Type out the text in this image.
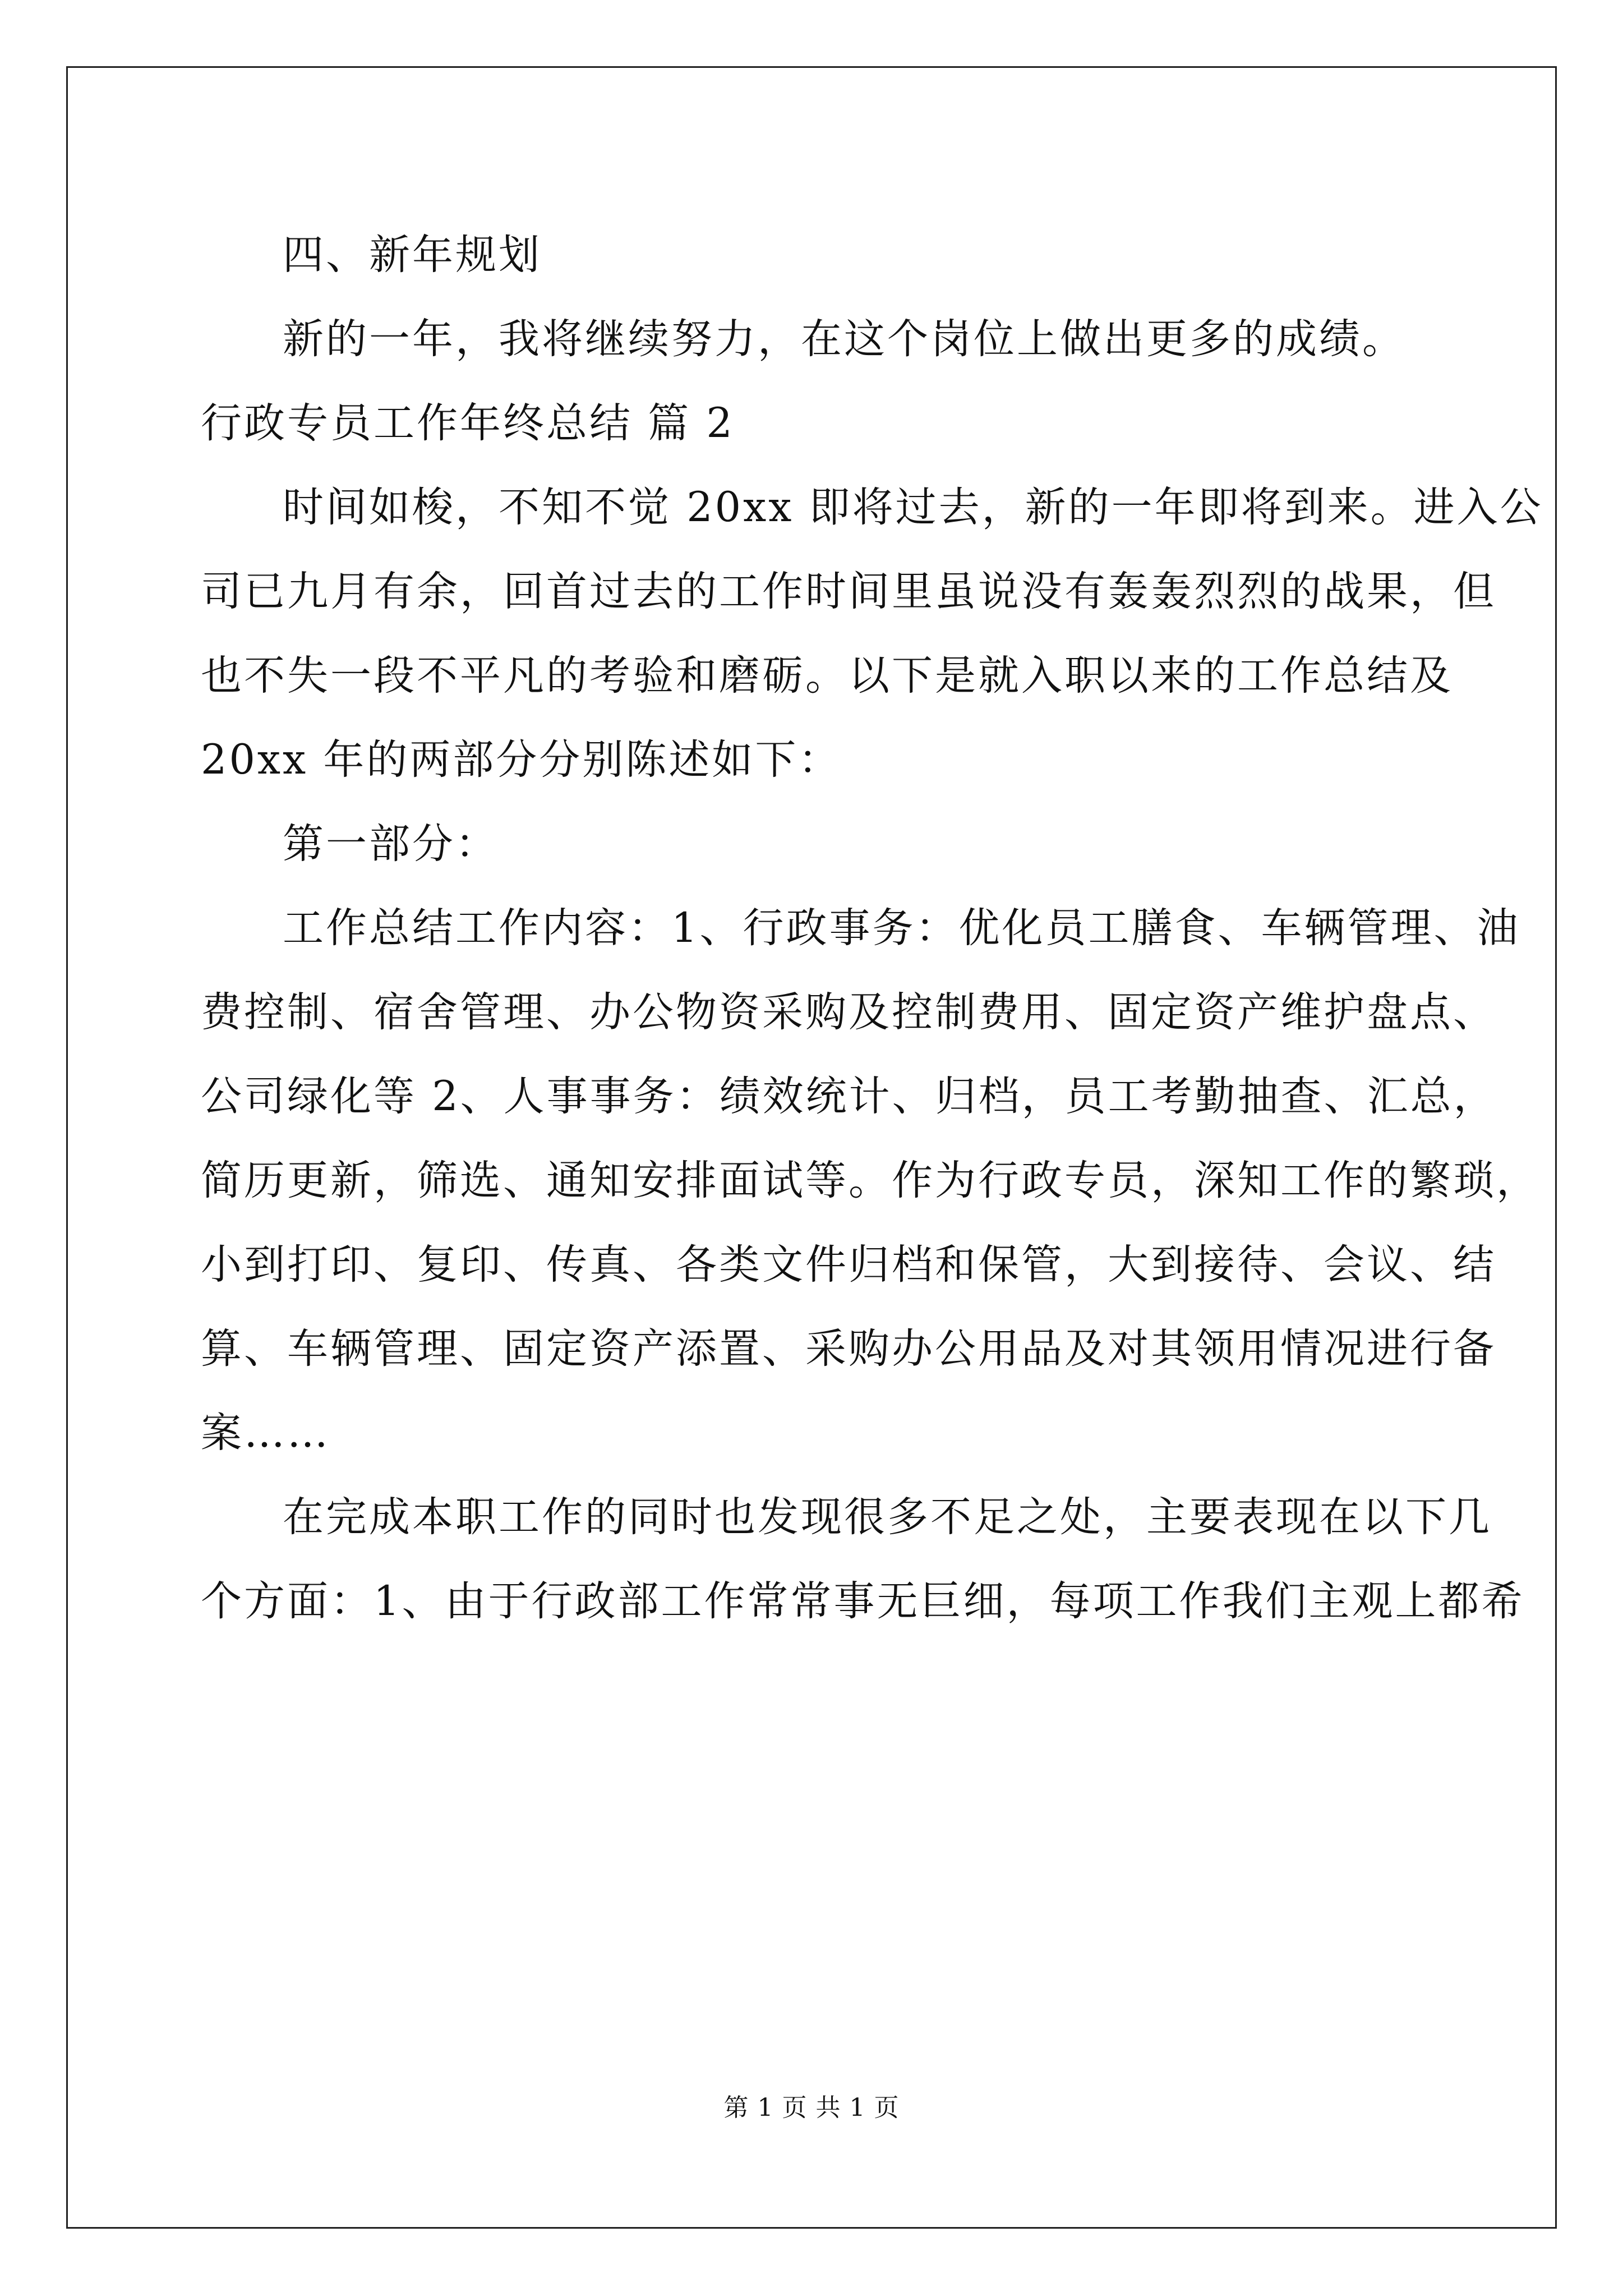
四、新年规划

新的一年，我将继续努力，在这个岗位上做出更多的成绩。

行政专员工作年终总结 篇 2

时间如梭，不知不觉 20xx 即将过去，新的一年即将到来。进入公

司已九月有余，回首过去的工作时间里虽说没有轰轰烈烈的战果，但

也不失一段不平凡的考验和磨砺。以下是就入职以来的工作总结及

20xx 年的两部分分别陈述如下：

第一部分：

工作总结工作内容：1、行政事务：优化员工膳食、车辆管理、油

费控制、宿舍管理、办公物资采购及控制费用、固定资产维护盘点、

公司绿化等 2、人事事务：绩效统计、归档，员工考勤抽查、汇总，

简历更新，筛选、通知安排面试等。作为行政专员，深知工作的繁琐，

小到打印、复印、传真、各类文件归档和保管，大到接待、会议、结

算、车辆管理、固定资产添置、采购办公用品及对其领用情况进行备

案……

在完成本职工作的同时也发现很多不足之处，主要表现在以下几

个方面：1、由于行政部工作常常事无巨细，每项工作我们主观上都希

第 1 页 共 1 页
